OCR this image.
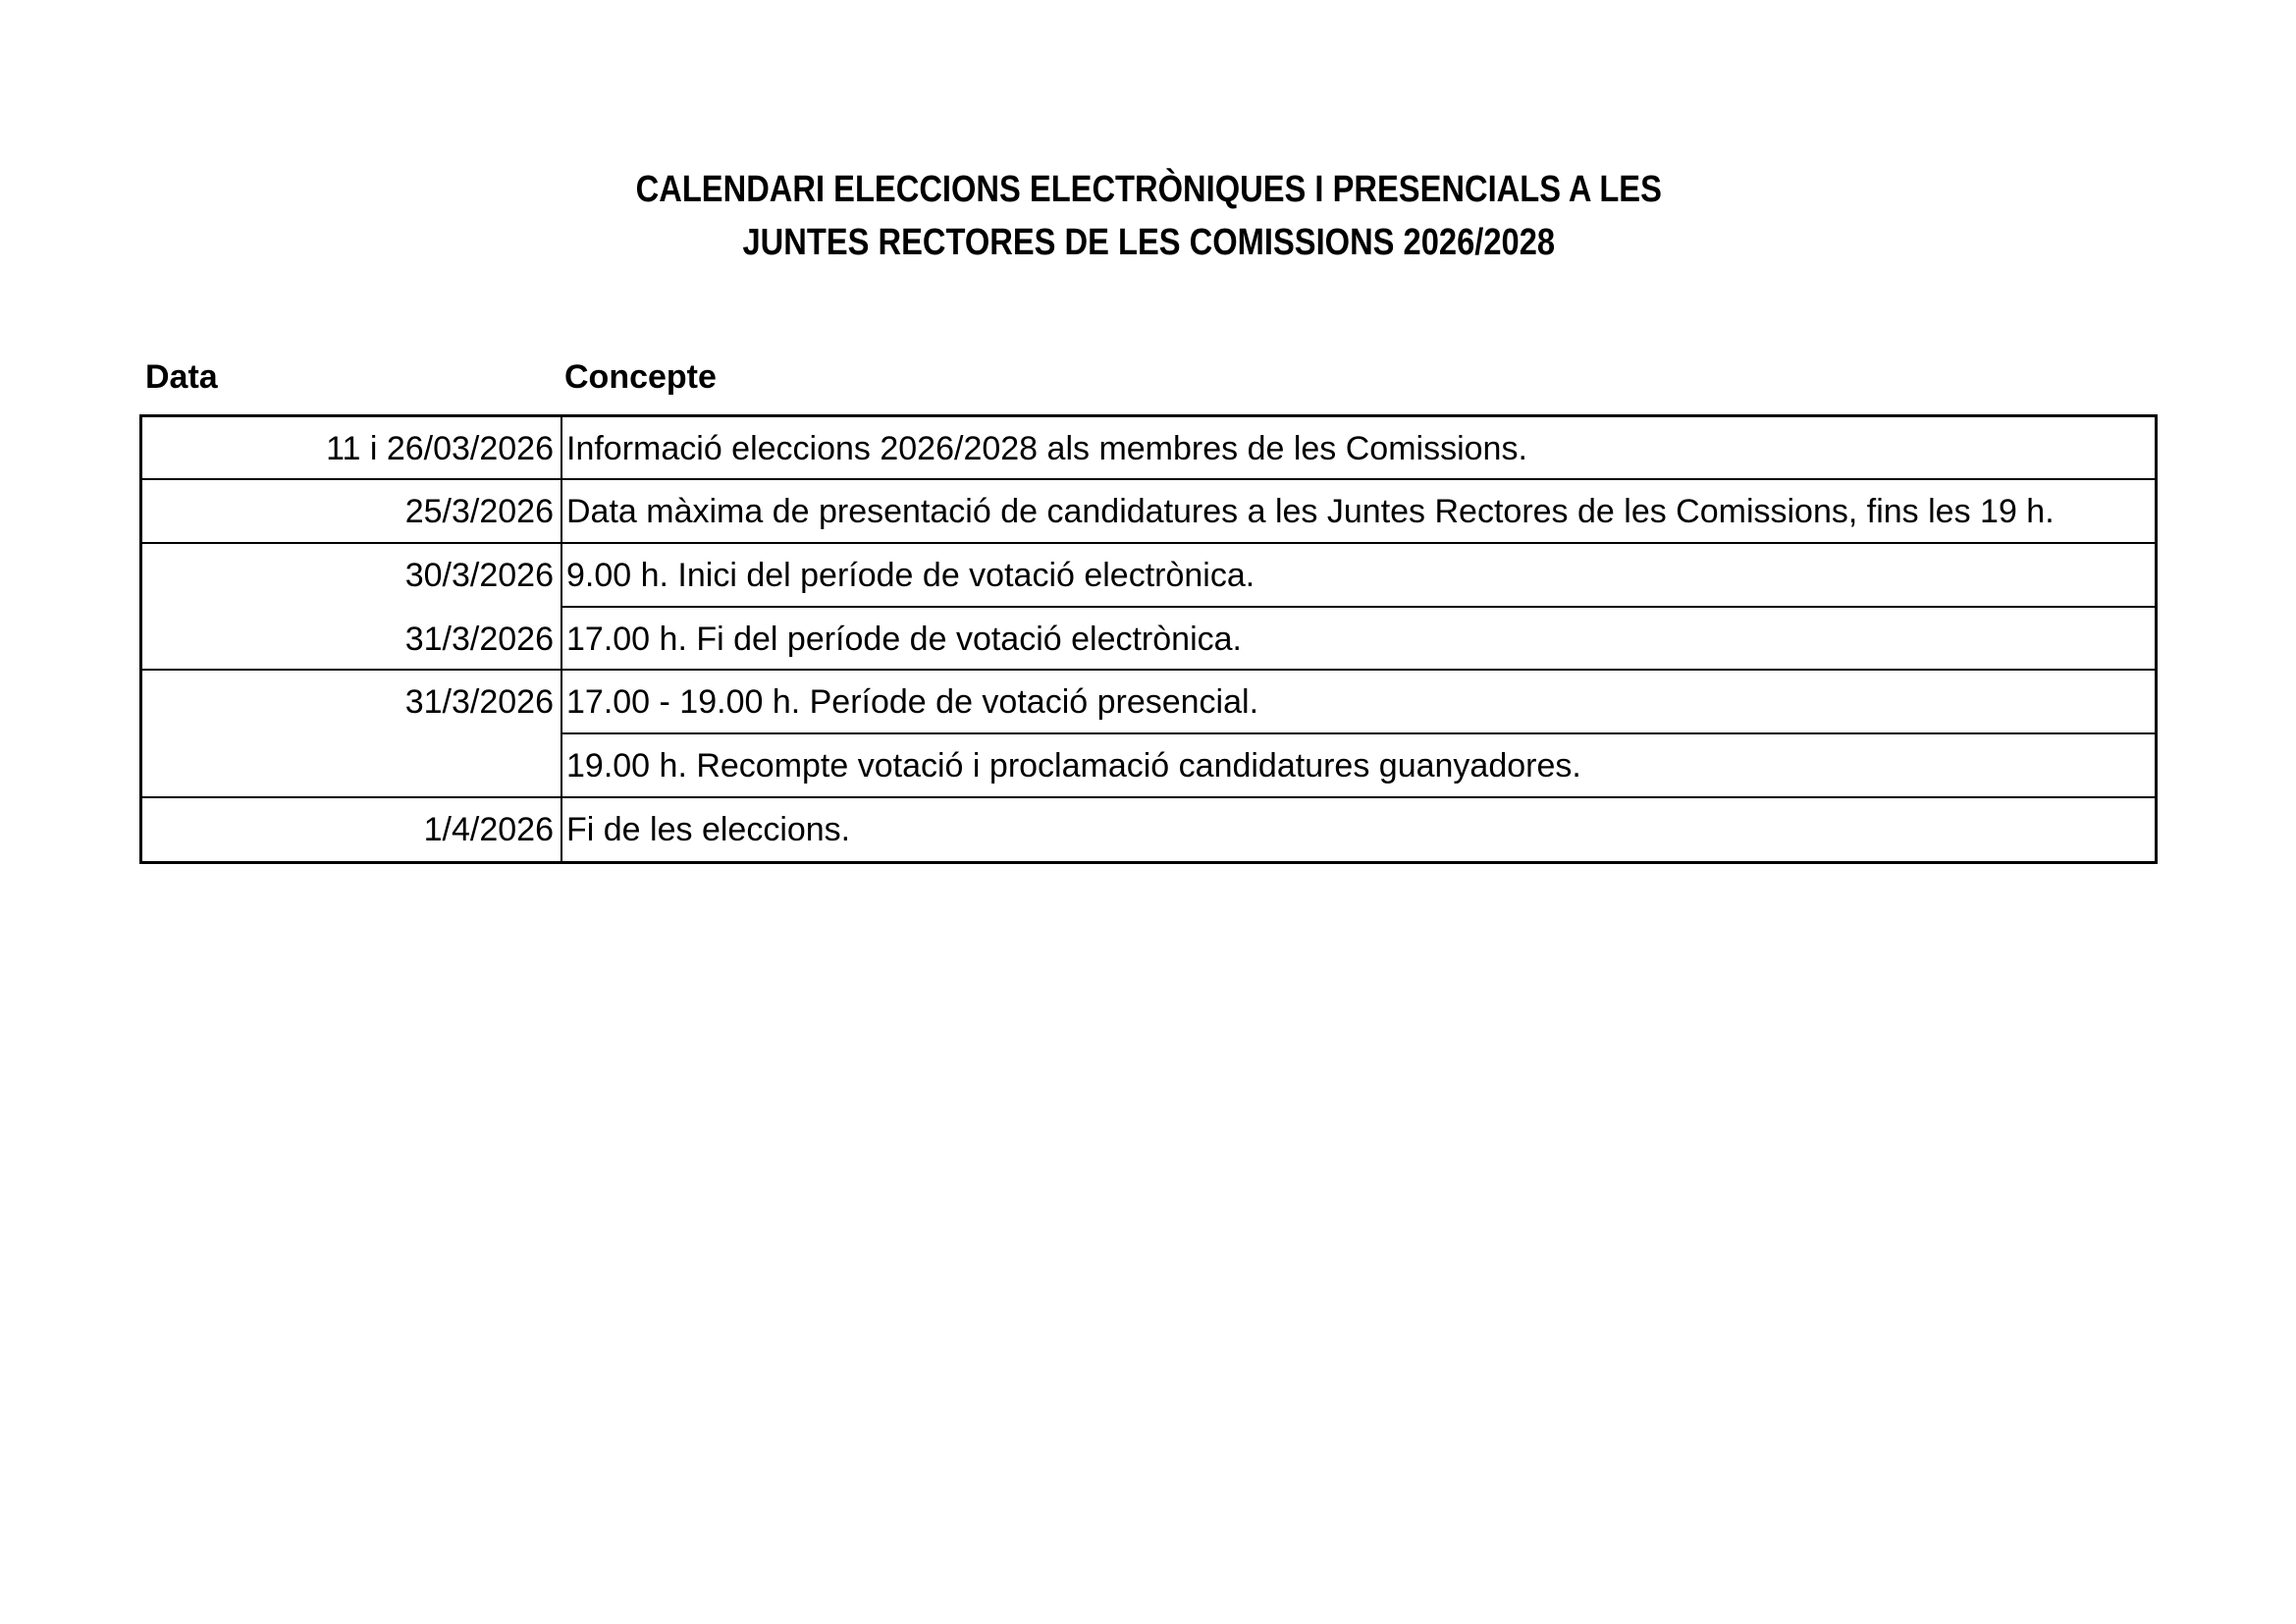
CALENDARI ELECCIONS ELECTRÒNIQUES I PRESENCIALS A LES
JUNTES RECTORES DE LES COMISSIONS 2026/2028
Data	Concepte
11 i 26/03/2026 Informació eleccions 2026/2028 als membres de les Comissions.
25/3/2026 Data màxima de presentació de candidatures a les Juntes Rectores de les Comissions, fins les 19 h.
30/3/2026 9.00 h. Inici del període de votació electrònica.
31/3/2026 17.00 h. Fi del període de votació electrònica.
31/3/2026 17.00 - 19.00 h. Període de votació presencial.
19.00 h. Recompte votació i proclamació candidatures guanyadores.
1/4/2026 Fi de les eleccions.
